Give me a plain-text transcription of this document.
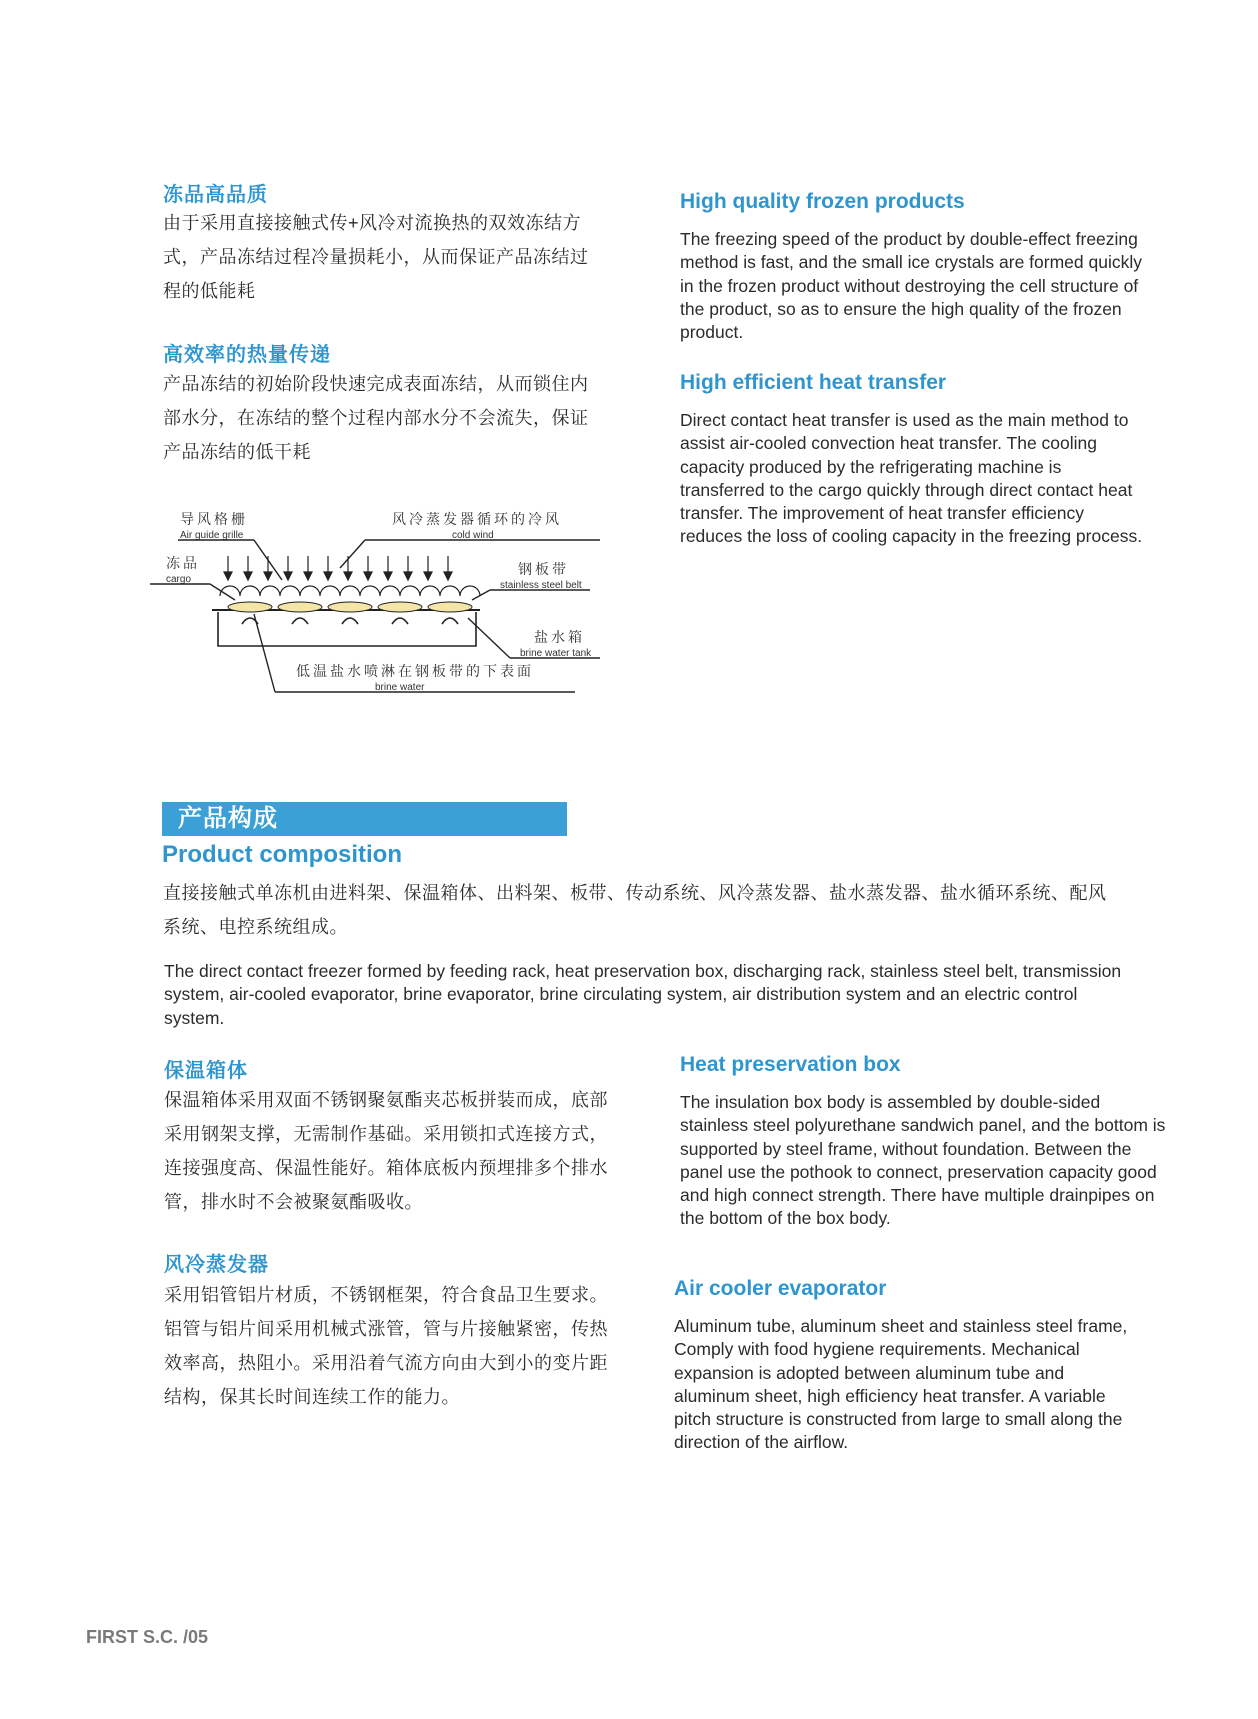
冻品高品质
由于采用直接接触式传+风冷对流换热的双效冻结方式，产品冻结过程冷量损耗小，从而保证产品冻结过程的低能耗
高效率的热量传递
产品冻结的初始阶段快速完成表面冻结，从而锁住内部水分，在冻结的整个过程内部水分不会流失，保证产品冻结的低干耗
High quality frozen products
The freezing speed of the product by double-effect freezing method is fast, and the small ice crystals are formed quickly in the frozen product without destroying the cell structure of the product, so as to ensure the high quality of the frozen product.
High efficient heat transfer
Direct contact heat transfer is used as the main method to assist air-cooled convection heat transfer. The cooling capacity produced by the refrigerating machine is transferred to the cargo quickly through direct contact heat transfer. The improvement of heat transfer efficiency reduces the loss of cooling capacity in the freezing process.
导风格栅
Air guide grille
风冷蒸发器循环的冷风
cold wind
冻品
cargo
钢板带
stainless steel belt
盐水箱
brine water tank
低温盐水喷淋在钢板带的下表面
brine water
产品构成
Product composition
直接接触式单冻机由进料架、保温箱体、出料架、板带、传动系统、风冷蒸发器、盐水蒸发器、盐水循环系统、配风系统、电控系统组成。
The direct contact freezer formed by feeding rack, heat preservation box, discharging rack, stainless steel belt, transmission system, air-cooled evaporator, brine evaporator, brine circulating system, air distribution system and an electric control system.
保温箱体
保温箱体采用双面不锈钢聚氨酯夹芯板拼装而成，底部采用钢架支撑，无需制作基础。采用锁扣式连接方式，连接强度高、保温性能好。箱体底板内预埋排多个排水管，排水时不会被聚氨酯吸收。
风冷蒸发器
采用铝管铝片材质，不锈钢框架，符合食品卫生要求。铝管与铝片间采用机械式涨管，管与片接触紧密，传热效率高，热阻小。采用沿着气流方向由大到小的变片距结构，保其长时间连续工作的能力。
Heat preservation box
The insulation box body is assembled by double-sided stainless steel polyurethane sandwich panel, and the bottom is supported by steel frame, without foundation. Between the panel use the pothook to connect, preservation capacity good and high connect strength. There have multiple drainpipes on the bottom of the box body.
Air cooler evaporator
Aluminum tube, aluminum sheet and stainless steel frame, Comply with food hygiene requirements. Mechanical expansion is adopted between aluminum tube and aluminum sheet, high efficiency heat transfer. A variable pitch structure is constructed from large to small along the direction of the airflow.
FIRST S.C. /05
